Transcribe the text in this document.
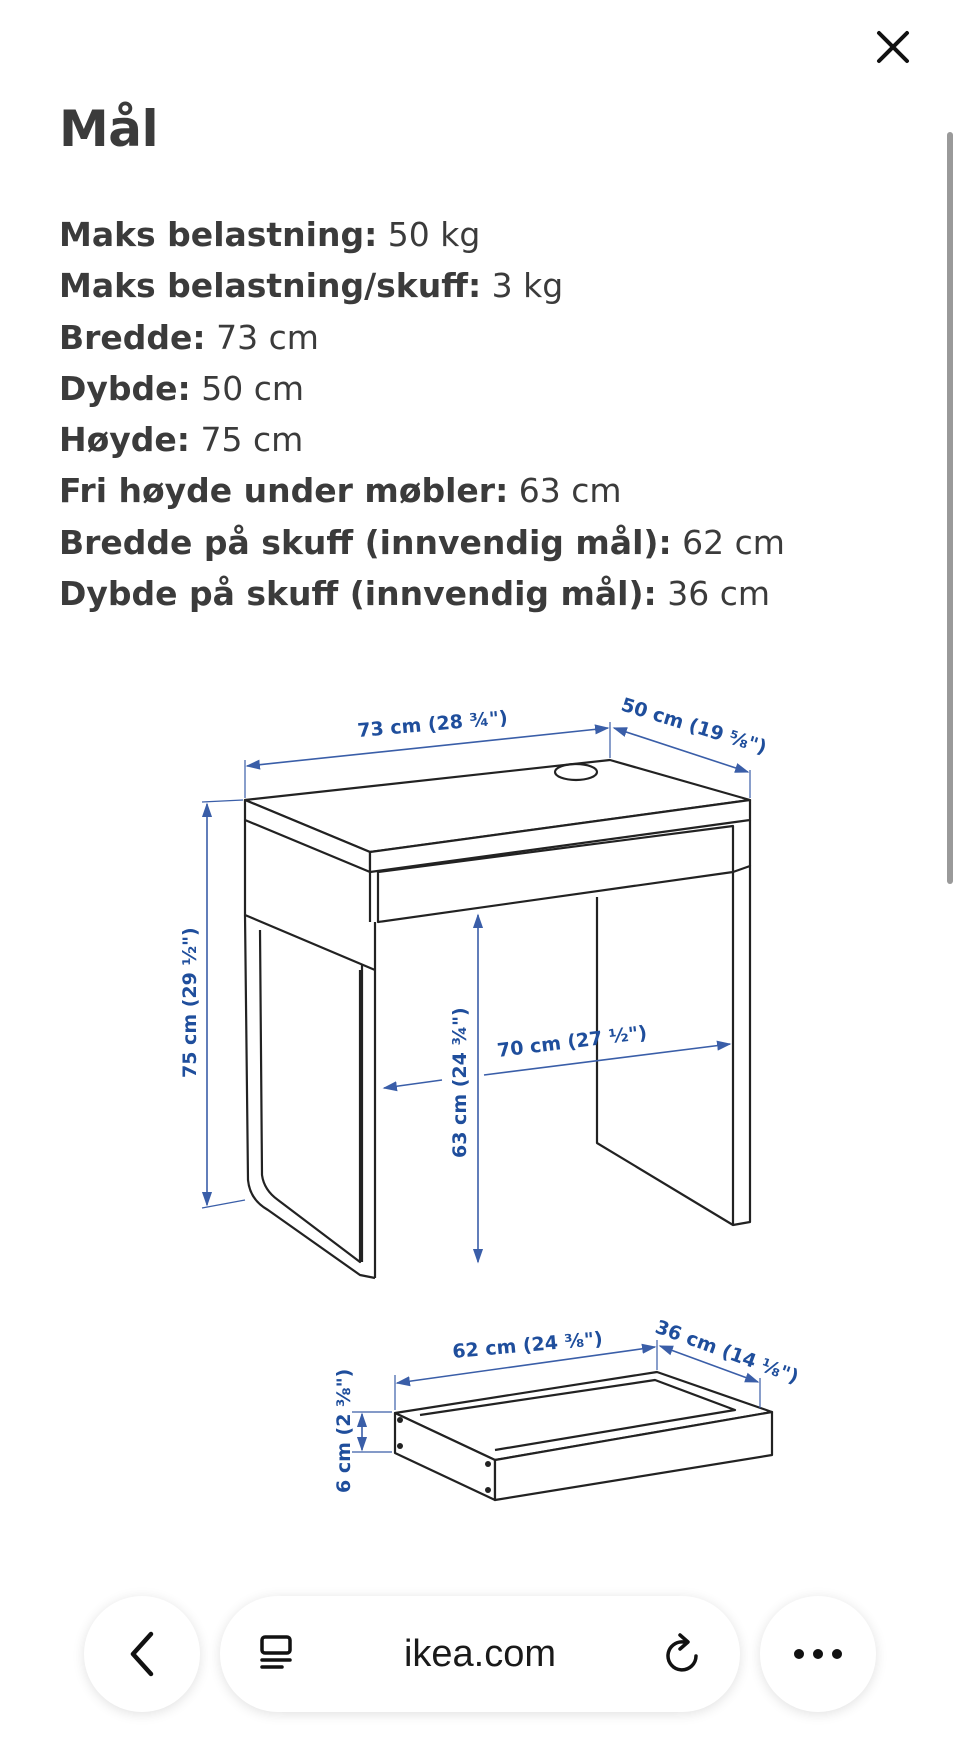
Mål
Maks belastning: 50 kg
Maks belastning/skuff: 3 kg
Bredde: 73 cm
Dybde: 50 cm
Høyde: 75 cm
Fri høyde under møbler: 63 cm
Bredde på skuff (innvendig mål): 62 cm
Dybde på skuff (innvendig mål): 36 cm
73 cm (28 ¾")	50 cm (19 ⅝")
75 cm (29 ½")
63 cm (24 ¾") 70 cm (27 ½")
62 cm (24 ⅜")	36 cm (14 ⅛")
6 cm (2 ⅜")
ikea.com
